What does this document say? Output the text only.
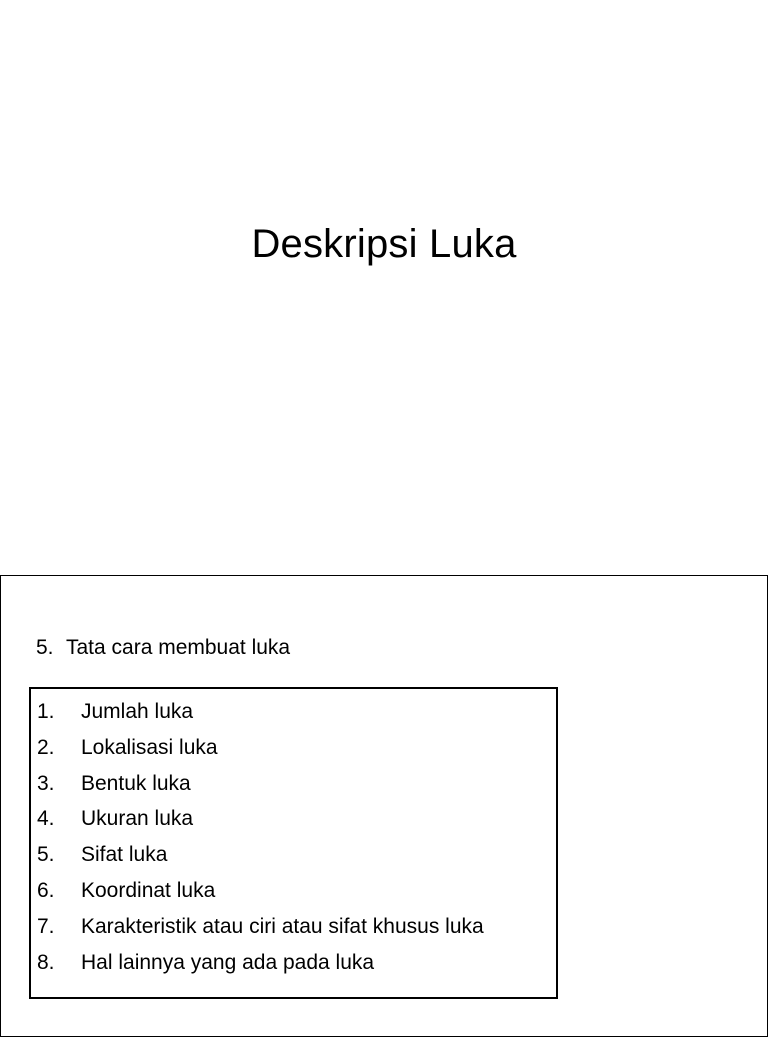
Deskripsi Luka
5. Tata cara membuat luka
1. Jumlah luka
2. Lokalisasi luka
3. Bentuk luka
4. Ukuran luka
5. Sifat luka
6. Koordinat luka
7. Karakteristik atau ciri atau sifat khusus luka
8. Hal lainnya yang ada pada luka
